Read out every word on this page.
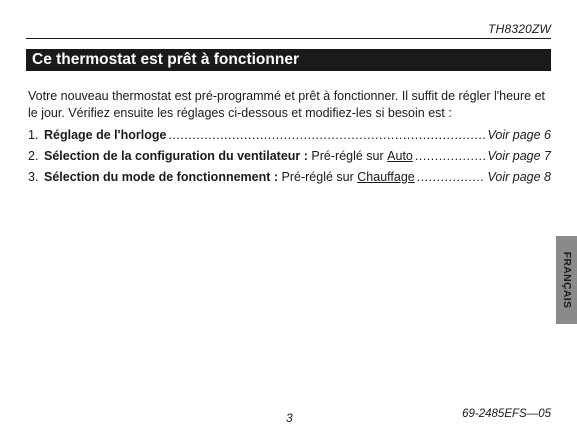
TH8320ZW
Ce thermostat est prêt à fonctionner
Votre nouveau thermostat est pré-programmé et prêt à fonctionner. Il suffit de régler l'heure et le jour. Vérifiez ensuite les réglages ci-dessous et modifiez-les si besoin est :
1. Réglage de l'horloge .....	Voir page 6
2. Sélection de la configuration du ventilateur :
Pré-réglé sur
Auto .....	Voir page 7
3. Sélection du mode de fonctionnement :
Pré-réglé sur
Chauffage .....	Voir page 8
FRANÇAIS
3	69-2485EFS—05
